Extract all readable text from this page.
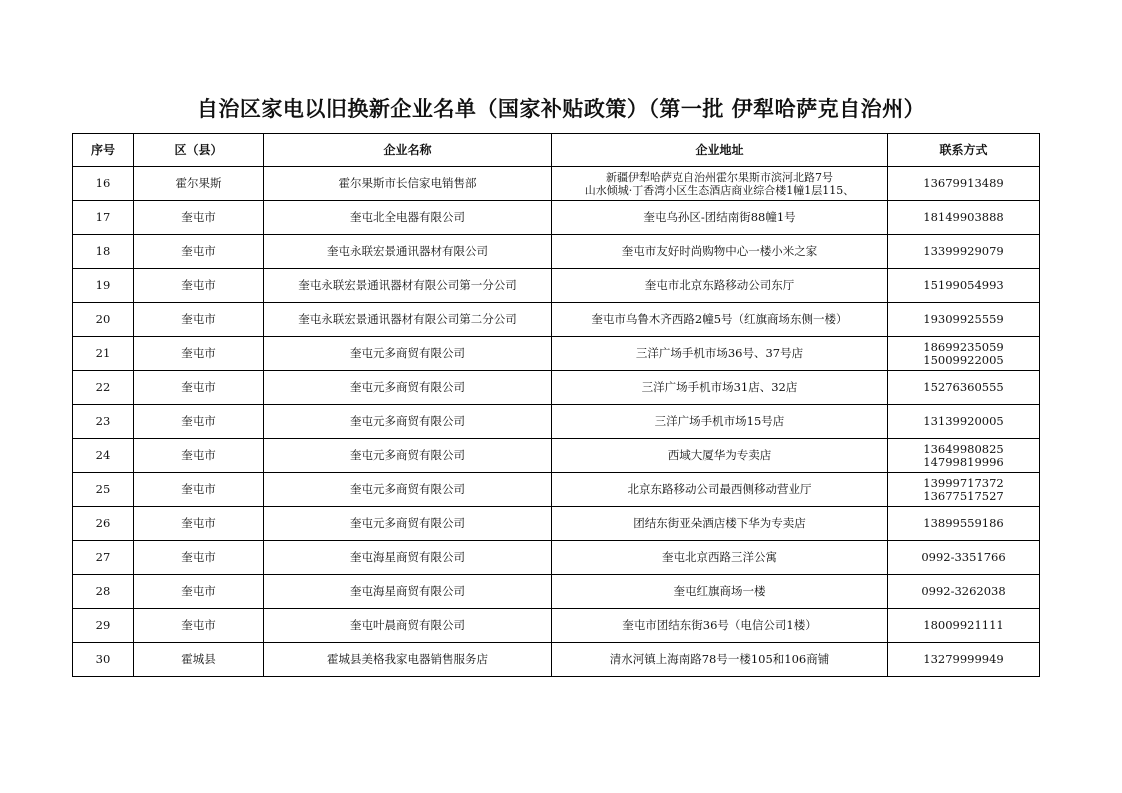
自治区家电以旧换新企业名单（国家补贴政策）（第一批 伊犁哈萨克自治州）
序号	区（县）	企业名称	企业地址	联系方式
16	霍尔果斯	霍尔果斯市长信家电销售部	新疆伊犁哈萨克自治州霍尔果斯市滨河北路7号
山水倾城·丁香湾小区生态酒店商业综合楼1幢1层115、	13679913489

17	奎屯市	奎屯北全电器有限公司	奎屯乌孙区-团结南街88幢1号	18149903888

18	奎屯市	奎屯永联宏景通讯器材有限公司	奎屯市友好时尚购物中心一楼小米之家	13399929079

19	奎屯市	奎屯永联宏景通讯器材有限公司第一分公司	奎屯市北京东路移动公司东厅	15199054993

20	奎屯市	奎屯永联宏景通讯器材有限公司第二分公司	奎屯市乌鲁木齐西路2幢5号（红旗商场东侧一楼）	19309925559

21	奎屯市	奎屯元多商贸有限公司	三洋广场手机市场36号、37号店	18699235059
15009922005

22	奎屯市	奎屯元多商贸有限公司	三洋广场手机市场31店、32店	15276360555

23	奎屯市	奎屯元多商贸有限公司	三洋广场手机市场15号店	13139920005

24	奎屯市	奎屯元多商贸有限公司	西域大厦华为专卖店	13649980825
14799819996

25	奎屯市	奎屯元多商贸有限公司	北京东路移动公司最西侧移动营业厅	13999717372
13677517527

26	奎屯市	奎屯元多商贸有限公司	团结东街亚朵酒店楼下华为专卖店	13899559186

27	奎屯市	奎屯海星商贸有限公司	奎屯北京西路三洋公寓	0992-3351766

28	奎屯市	奎屯海星商贸有限公司	奎屯红旗商场一楼	0992-3262038

29	奎屯市	奎屯叶晨商贸有限公司	奎屯市团结东街36号（电信公司1楼）	18009921111

30	霍城县	霍城县美格我家电器销售服务店	清水河镇上海南路78号一楼105和106商铺	13279999949
